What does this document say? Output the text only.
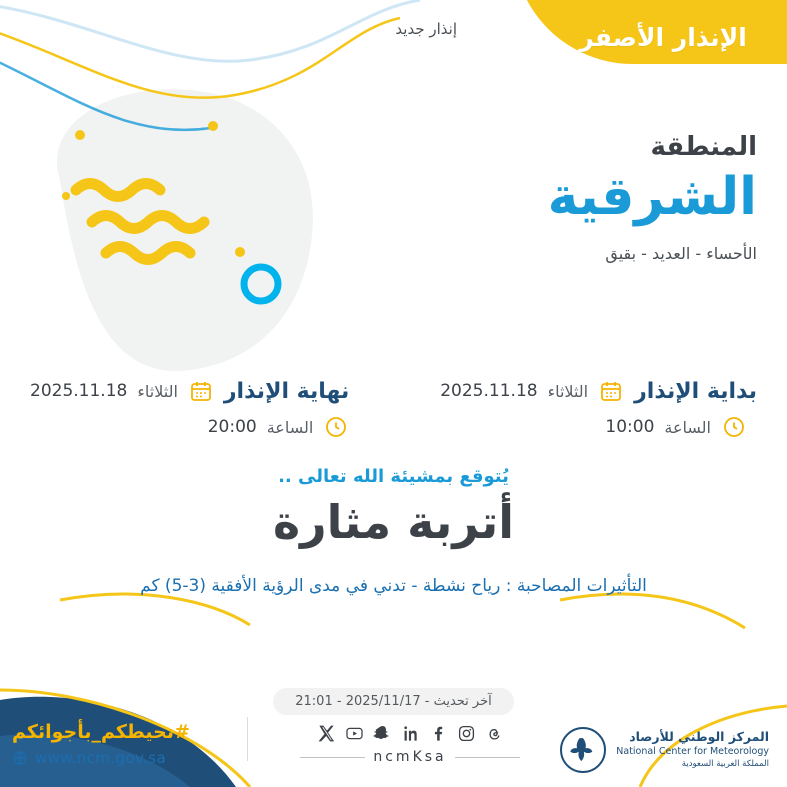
الإنذار الأصفر
إنذار جديد
المنطقة
الشرقية
الأحساء - العديد - بقيق
بداية الإنذار
الثلاثاء
2025.11.18
الساعة
10:00
نهاية الإنذار
الثلاثاء
2025.11.18
الساعة
20:00
يُتوقع بمشيئة الله تعالى ..
أتربة مثارة
التأثيرات المصاحبة : رياح نشطة - تدني في مدى الرؤية الأفقية (3-5) كم
آخر تحديث - 2025/11/17 - 21:01
المركز الوطني للأرصاد
National Center for Meteorology
المملكة العربية السعودية
ncmKsa
#نحيطكم_بأجوائكم
www.ncm.gov.sa
